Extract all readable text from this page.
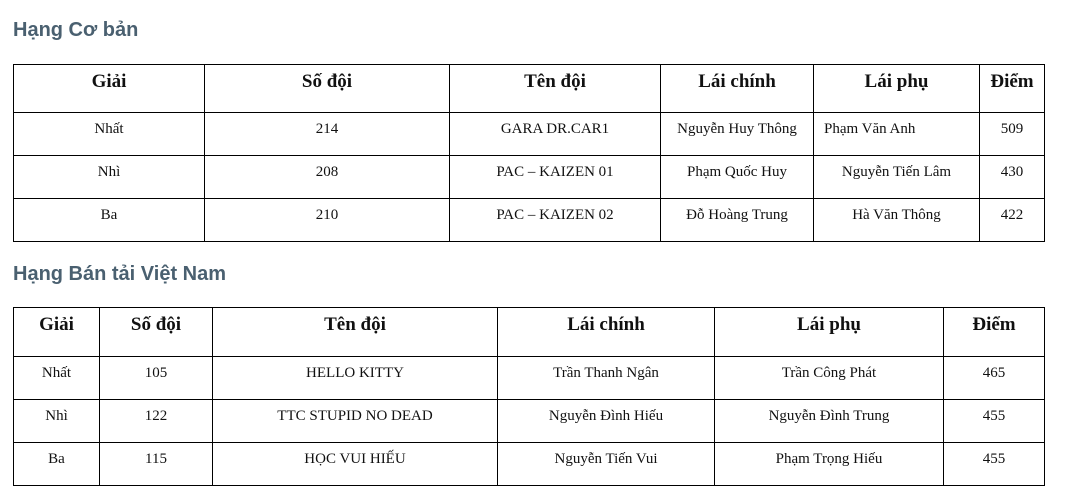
Hạng Cơ bản
Giải	Số đội	Tên đội	Lái chính	Lái phụ	Điểm
Nhất	214	GARA DR.CAR1	Nguyễn Huy Thông	Phạm Văn Anh	509
Nhì	208	PAC – KAIZEN 01	Phạm Quốc Huy	Nguyễn Tiến Lâm	430
Ba	210	PAC – KAIZEN 02	Đỗ Hoàng Trung	Hà Văn Thông	422
Hạng Bán tải Việt Nam
Giải	Số đội	Tên đội	Lái chính	Lái phụ	Điểm
Nhất	105	HELLO KITTY	Trần Thanh Ngân	Trần Công Phát	465
Nhì	122	TTC STUPID NO DEAD	Nguyễn Đình Hiếu	Nguyễn Đình Trung	455
Ba	115	HỌC VUI HIẾU	Nguyễn Tiến Vui	Phạm Trọng Hiếu	455
